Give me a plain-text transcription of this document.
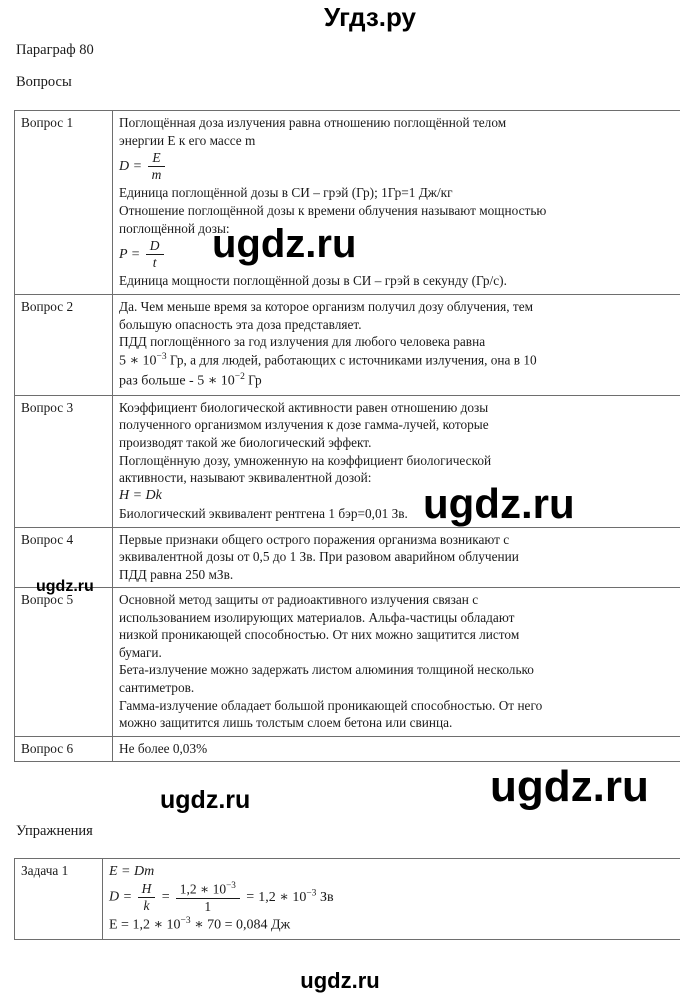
Угдз.ру
Параграф 80
Вопросы
Упражнения
Вопрос 1	Поглощённая доза излучения равна отношению поглощённой телом
энергии E к его массе m
$D = \frac{E}{m}$
Единица поглощённой дозы в СИ – грэй (Гр); 1Гр=1 Дж/кг
Отношение поглощённой дозы к времени облучения называют мощностью
поглощённой дозы:
$P = \frac{D}{t}$
Единица мощности поглощённой дозы в СИ – грэй в секунду (Гр/с).

Вопрос 2	Да. Чем меньше время за которое организм получил дозу облучения, тем
большую опасность эта доза представляет.
ПДД поглощённого за год излучения для любого человека равна
5 ∗ $10^{-3}$ Гр, а для людей, работающих с источниками излучения, она в 10
раз больше - 5 ∗ $10^{-2}$ Гр

Вопрос 3	Коэффициент биологической активности равен отношению дозы
полученного организмом излучения к дозе гамма-лучей, которые
производят такой же биологический эффект.
Поглощённую дозу, умноженную на коэффициент биологической
активности, называют эквивалентной дозой:
H = Dk
Биологический эквивалент рентгена 1 бэр=0,01 Зв.

Вопрос 4	Первые признаки общего острого поражения организма возникают с
эквивалентной дозы от 0,5 до 1 Зв. При разовом аварийном облучении
ПДД равна 250 мЗв.

Вопрос 5	Основной метод защиты от радиоактивного излучения связан с
использованием изолирующих материалов. Альфа-частицы обладают
низкой проникающей способностью. От них можно защитится листом
бумаги.
Бета-излучение можно задержать листом алюминия толщиной несколько
сантиметров.
Гамма-излучение обладает большой проникающей способностью. От него
можно защитится лишь толстым слоем бетона или свинца.

Вопрос 6	Не более 0,03%
Задача 1	E = Dm
$D = \frac{H}{k} = \frac{1,2 ∗ 10^{-3}}{1} = 1,2$ ∗ $10^{-3}$ Зв
E = 1,2 ∗ $10^{-3}$ ∗ 70 = 0,084 Дж
ugdz.ru
ugdz.ru
ugdz.ru
ugdz.ru	ugdz.ru
ugdz.ru
